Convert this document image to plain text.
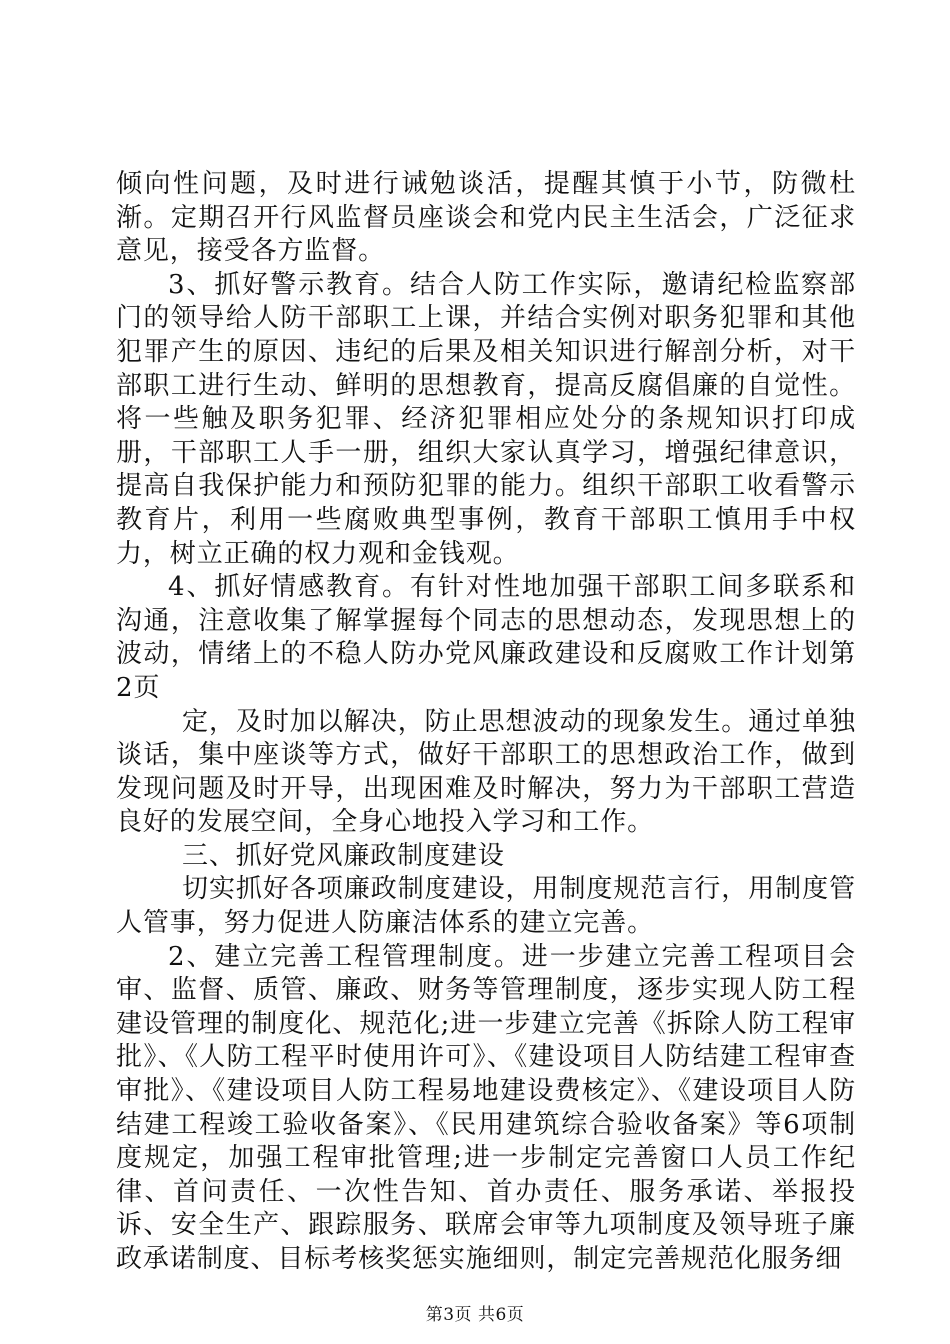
倾向性问题，及时进行诫勉谈活，提醒其慎于小节，防微杜渐。定期召开行风监督员座谈会和党内民主生活会，广泛征求意见，接受各方监督。

3、抓好警示教育。结合人防工作实际，邀请纪检监察部门的领导给人防干部职工上课，并结合实例对职务犯罪和其他犯罪产生的原因、违纪的后果及相关知识进行解剖分析，对干部职工进行生动、鲜明的思想教育，提高反腐倡廉的自觉性。将一些触及职务犯罪、经济犯罪相应处分的条规知识打印成册，干部职工人手一册，组织大家认真学习，增强纪律意识，提高自我保护能力和预防犯罪的能力。组织干部职工收看警示教育片，利用一些腐败典型事例，教育干部职工慎用手中权力，树立正确的权力观和金钱观。

4、抓好情感教育。有针对性地加强干部职工间多联系和沟通，注意收集了解掌握每个同志的思想动态，发现思想上的波动，情绪上的不稳人防办党风廉政建设和反腐败工作计划第2页

定，及时加以解决，防止思想波动的现象发生。通过单独谈话，集中座谈等方式，做好干部职工的思想政治工作，做到发现问题及时开导，出现困难及时解决，努力为干部职工营造良好的发展空间，全身心地投入学习和工作。

三、抓好党风廉政制度建设

切实抓好各项廉政制度建设，用制度规范言行，用制度管人管事，努力促进人防廉洁体系的建立完善。

2、建立完善工程管理制度。进一步建立完善工程项目会审、监督、质管、廉政、财务等管理制度，逐步实现人防工程建设管理的制度化、规范化;进一步建立完善《拆除人防工程审批》、《人防工程平时使用许可》、《建设项目人防结建工程审查审批》、《建设项目人防工程易地建设费核定》、《建设项目人防结建工程竣工验收备案》、《民用建筑综合验收备案》等6项制度规定，加强工程审批管理;进一步制定完善窗口人员工作纪律、首问责任、一次性告知、首办责任、服务承诺、举报投诉、安全生产、跟踪服务、联席会审等九项制度及领导班子廉政承诺制度、目标考核奖惩实施细则，制定完善规范化服务细

第3页 共6页
